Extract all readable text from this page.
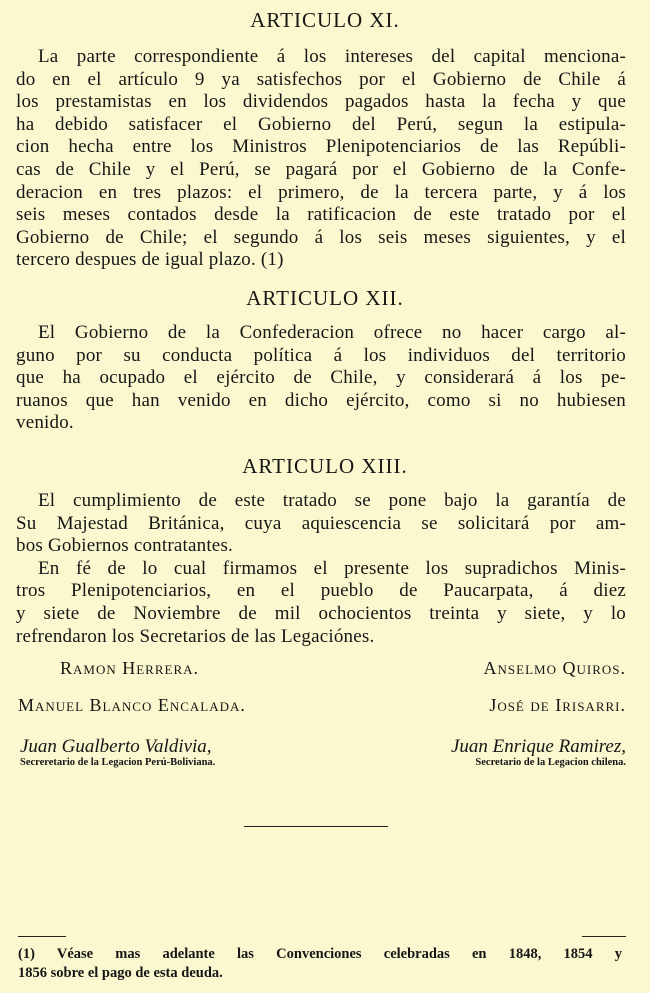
ARTICULO XI.
La parte correspondiente á los intereses del capital menciona-
do en el artículo 9 ya satisfechos por el Gobierno de Chile á
los prestamistas en los dividendos pagados hasta la fecha y que
ha debido satisfacer el Gobierno del Perú, segun la estipula-
cion hecha entre los Ministros Plenipotenciarios de las Repúbli-
cas de Chile y el Perú, se pagará por el Gobierno de la Confe-
deracion en tres plazos: el primero, de la tercera parte, y á los
seis meses contados desde la ratificacion de este tratado por el
Gobierno de Chile; el segundo á los seis meses siguientes, y el
tercero despues de igual plazo. (1)
ARTICULO XII.
El Gobierno de la Confederacion ofrece no hacer cargo al-
guno por su conducta política á los individuos del territorio
que ha ocupado el ejército de Chile, y considerará á los pe-
ruanos que han venido en dicho ejército, como si no hubiesen
venido.
ARTICULO XIII.
El cumplimiento de este tratado se pone bajo la garantía de
Su Majestad Británica, cuya aquiescencia se solicitará por am-
bos Gobiernos contratantes.
En fé de lo cual firmamos el presente los supradichos Minis-
tros Plenipotenciarios, en el pueblo de Paucarpata, á diez
y siete de Noviembre de mil ochocientos treinta y siete, y lo
refrendaron los Secretarios de las Legaciónes.
Ramon Herrera.	Anselmo Quiros.
Manuel Blanco Encalada.	José de Irisarri.
Juan Gualberto Valdivia,
Secreretario de la Legacion Perú-Boliviana.
Juan Enrique Ramirez,
Secretario de la Legacion chilena.
(1) Véase mas adelante las Convenciones celebradas en 1848, 1854 y
1856 sobre el pago de esta deuda.
